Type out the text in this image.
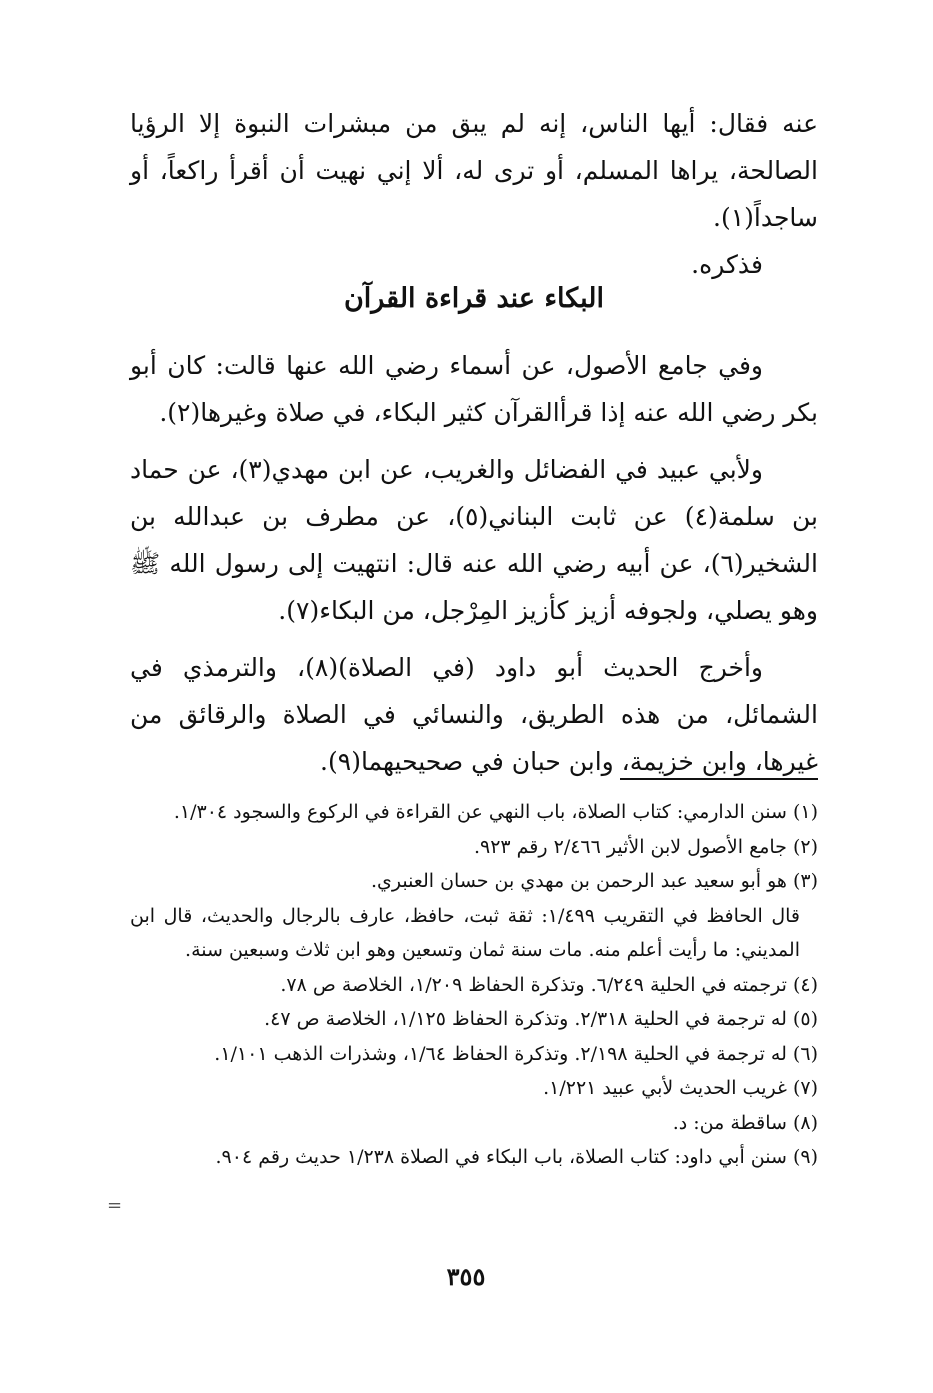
عنه فقال: أيها الناس، إنه لم يبق من مبشرات النبوة إلا الرؤيا الصالحة، يراها المسلم، أو ترى له، ألا إني نهيت أن أقرأ راكعاً، أو ساجداً(١).

فذكره.

البكاء عند قراءة القرآن

وفي جامع الأصول، عن أسماء رضي الله عنها قالت: كان أبو بكر رضي الله عنه إذا قرأالقرآن كثير البكاء، في صلاة وغيرها(٢).

ولأبي عبيد في الفضائل والغريب، عن ابن مهدي(٣)، عن حماد بن سلمة(٤) عن ثابت البناني(٥)، عن مطرف بن عبدالله بن الشخير(٦)، عن أبيه رضي الله عنه قال: انتهيت إلى رسول الله ﷺ وهو يصلي، ولجوفه أزيز كأزيز المِرْجل، من البكاء(٧).

وأخرج الحديث أبو داود (في الصلاة)(٨)، والترمذي في الشمائل، من هذه الطريق، والنسائي في الصلاة والرقائق من غيرها، وابن خزيمة، وابن حبان في صحيحيهما(٩).

(١) سنن الدارمي: كتاب الصلاة، باب النهي عن القراءة في الركوع والسجود ١/٣٠٤.

(٢) جامع الأصول لابن الأثير ٢/٤٦٦ رقم ٩٢٣.

(٣) هو أبو سعيد عبد الرحمن بن مهدي بن حسان العنبري.

قال الحافظ في التقريب ١/٤٩٩: ثقة ثبت، حافظ، عارف بالرجال والحديث، قال ابن المديني: ما رأيت أعلم منه. مات سنة ثمان وتسعين وهو ابن ثلاث وسبعين سنة.

(٤) ترجمته في الحلية ٦/٢٤٩. وتذكرة الحفاظ ١/٢٠٩، الخلاصة ص ٧٨.

(٥) له ترجمة في الحلية ٢/٣١٨. وتذكرة الحفاظ ١/١٢٥، الخلاصة ص ٤٧.

(٦) له ترجمة في الحلية ٢/١٩٨. وتذكرة الحفاظ ١/٦٤، وشذرات الذهب ١/١٠١.

(٧) غريب الحديث لأبي عبيد ١/٢٢١.

(٨) ساقطة من: د.

(٩) سنن أبي داود: كتاب الصلاة، باب البكاء في الصلاة ١/٢٣٨ حديث رقم ٩٠٤.

=
٣٥٥
